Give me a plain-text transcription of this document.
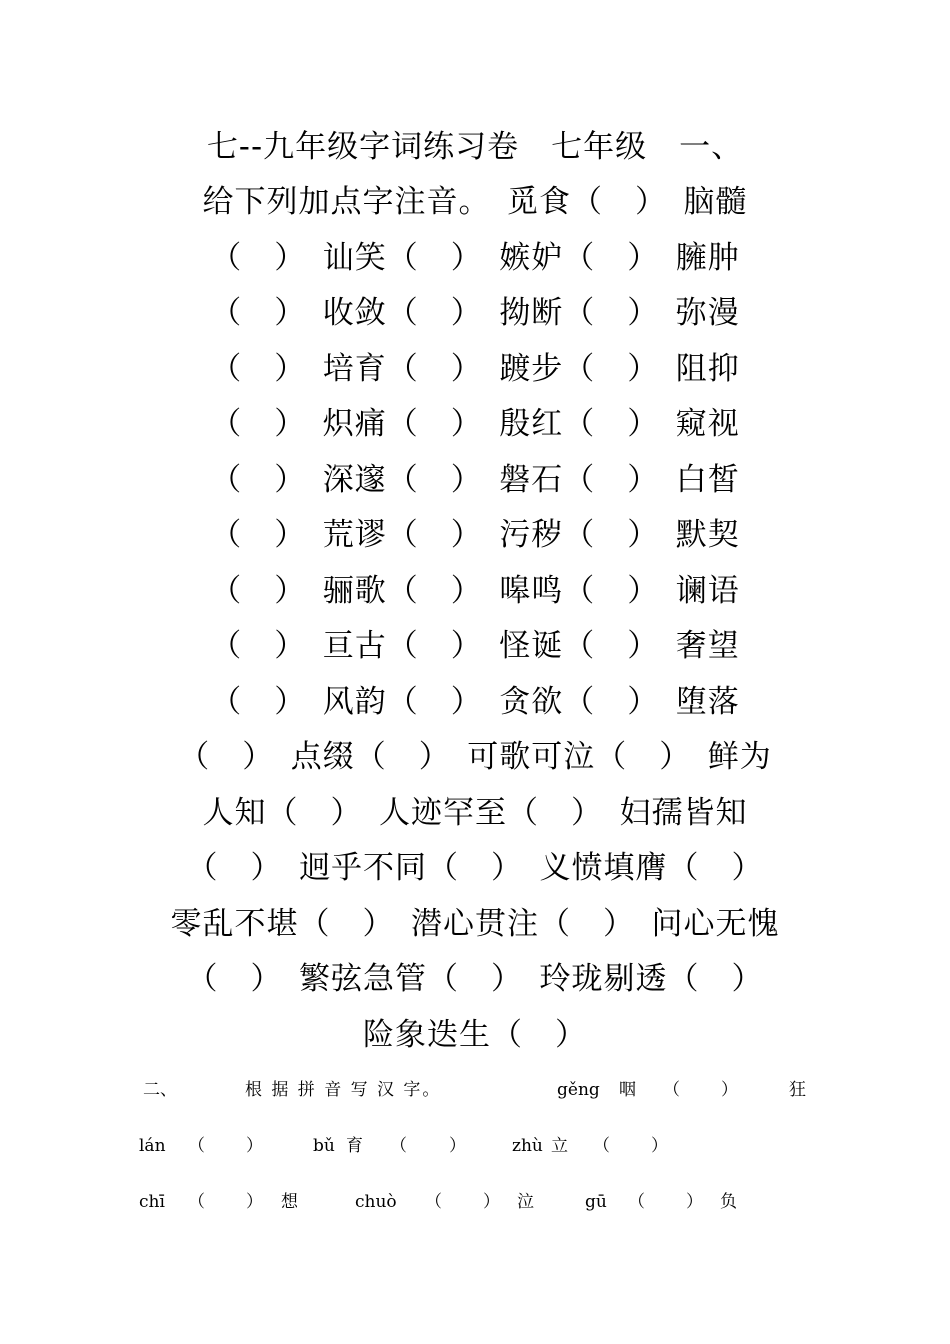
七--九年级字词练习卷　七年级　一、
给下列加点字注音。　觅食（　）　脑髓
（　）　讪笑（　）　嫉妒（　）　臃肿
（　）　收敛（　）　拗断（　）　弥漫
（　）　培育（　）　踱步（　）　阻抑
（　）　炽痛（　）　殷红（　）　窥视
（　）　深邃（　）　磐石（　）　白皙
（　）　荒谬（　）　污秽（　）　默契
（　）　骊歌（　）　嗥鸣（　）　谰语
（　）　亘古（　）　怪诞（　）　奢望
（　）　风韵（　）　贪欲（　）　堕落
（　）　点缀（　）　可歌可泣（　）　鲜为
人知（　）　人迹罕至（　）　妇孺皆知
（　）　迥乎不同（　）　义愤填膺（　）
零乱不堪（　）　潜心贯注（　）　问心无愧
（　）　繁弦急管（　）　玲珑剔透（　）
险象迭生（　）
二、	根 据 拼 音 写 汉 字。	gěng 咽 （ ）	狂
lán （ ）	bǔ 育 （ ）	zhù 立 （ ）
chī （ ） 想	chuò （ ） 泣	gū （ ） 负
